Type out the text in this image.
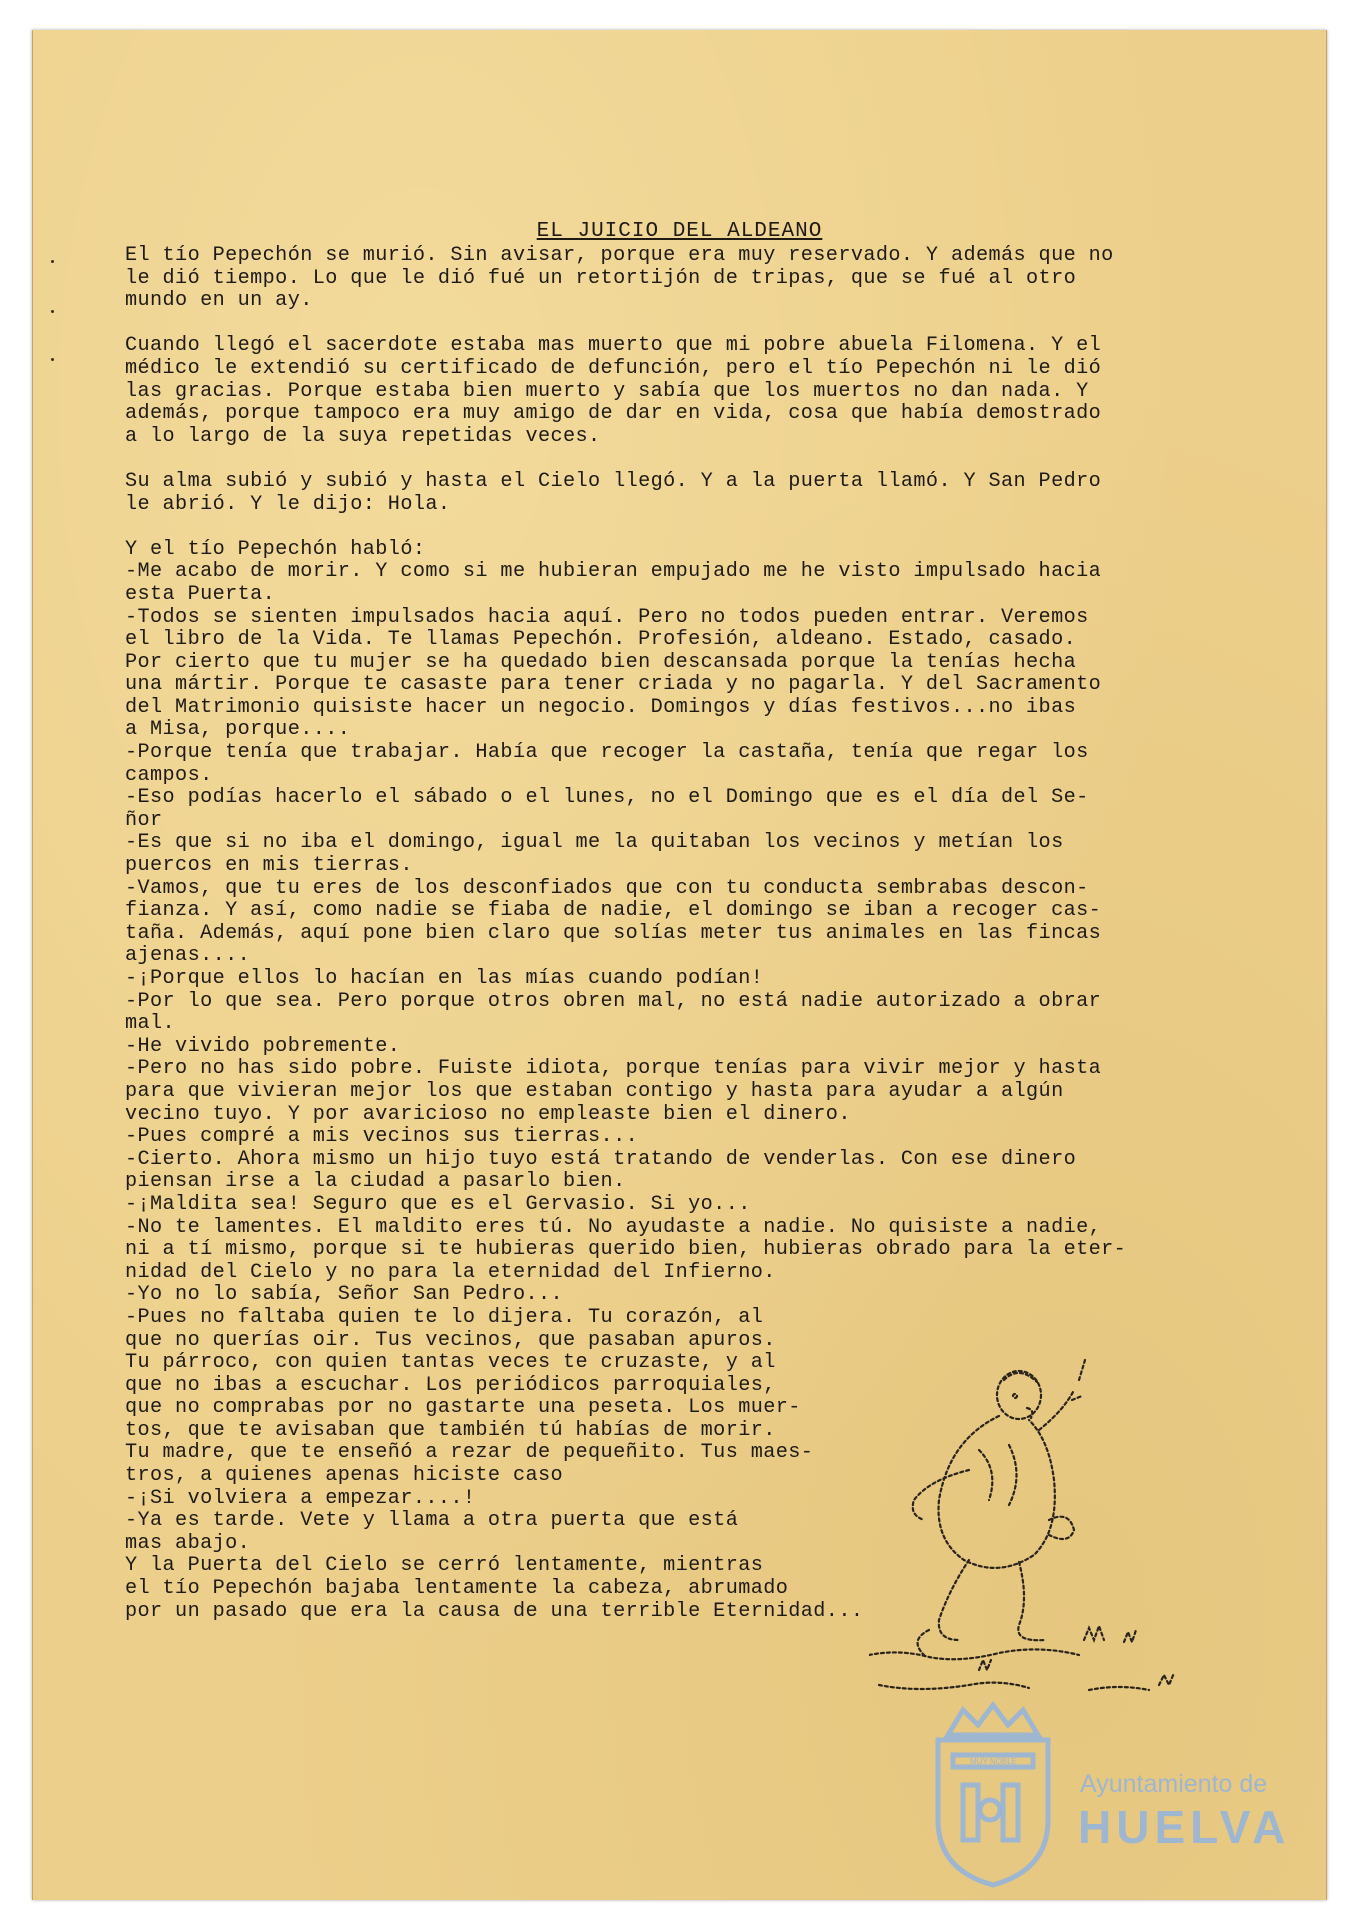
EL JUICIO DEL ALDEANO
El tío Pepechón se murió. Sin avisar, porque era muy reservado. Y además que no
le dió tiempo. Lo que le dió fué un retortijón de tripas, que se fué al otro
mundo en un ay.
Cuando llegó el sacerdote estaba mas muerto que mi pobre abuela Filomena. Y el
médico le extendió su certificado de defunción, pero el tío Pepechón ni le dió
las gracias. Porque estaba bien muerto y sabía que los muertos no dan nada. Y
además, porque tampoco era muy amigo de dar en vida, cosa que había demostrado
a lo largo de la suya repetidas veces.
Su alma subió y subió y hasta el Cielo llegó. Y a la puerta llamó. Y San Pedro
le abrió. Y le dijo: Hola.
Y el tío Pepechón habló:
-Me acabo de morir. Y como si me hubieran empujado me he visto impulsado hacia
esta Puerta.
-Todos se sienten impulsados hacia aquí. Pero no todos pueden entrar. Veremos
el libro de la Vida. Te llamas Pepechón. Profesión, aldeano. Estado, casado.
Por cierto que tu mujer se ha quedado bien descansada porque la tenías hecha
una mártir. Porque te casaste para tener criada y no pagarla. Y del Sacramento
del Matrimonio quisiste hacer un negocio. Domingos y días festivos...no ibas
a Misa, porque....
-Porque tenía que trabajar. Había que recoger la castaña, tenía que regar los
campos.
-Eso podías hacerlo el sábado o el lunes, no el Domingo que es el día del Se-
ñor
-Es que si no iba el domingo, igual me la quitaban los vecinos y metían los
puercos en mis tierras.
-Vamos, que tu eres de los desconfiados que con tu conducta sembrabas descon-
fianza. Y así, como nadie se fiaba de nadie, el domingo se iban a recoger cas-
taña. Además, aquí pone bien claro que solías meter tus animales en las fincas
ajenas....
-¡Porque ellos lo hacían en las mías cuando podían!
-Por lo que sea. Pero porque otros obren mal, no está nadie autorizado a obrar
mal.
-He vivido pobremente.
-Pero no has sido pobre. Fuiste idiota, porque tenías para vivir mejor y hasta
para que vivieran mejor los que estaban contigo y hasta para ayudar a algún
vecino tuyo. Y por avaricioso no empleaste bien el dinero.
-Pues compré a mis vecinos sus tierras...
-Cierto. Ahora mismo un hijo tuyo está tratando de venderlas. Con ese dinero
piensan irse a la ciudad a pasarlo bien.
-¡Maldita sea! Seguro que es el Gervasio. Si yo...
-No te lamentes. El maldito eres tú. No ayudaste a nadie. No quisiste a nadie,
ni a tí mismo, porque si te hubieras querido bien, hubieras obrado para la eter-
nidad del Cielo y no para la eternidad del Infierno.
-Yo no lo sabía, Señor San Pedro...
-Pues no faltaba quien te lo dijera. Tu corazón, al
que no querías oir. Tus vecinos, que pasaban apuros.
Tu párroco, con quien tantas veces te cruzaste, y al
que no ibas a escuchar. Los periódicos parroquiales,
que no comprabas por no gastarte una peseta. Los muer-
tos, que te avisaban que también tú habías de morir.
Tu madre, que te enseñó a rezar de pequeñito. Tus maes-
tros, a quienes apenas hiciste caso
-¡Si volviera a empezar....!
-Ya es tarde. Vete y llama a otra puerta que está
mas abajo.
Y la Puerta del Cielo se cerró lentamente, mientras
el tío Pepechón bajaba lentamente la cabeza, abrumado
por un pasado que era la causa de una terrible Eternidad...
MUY NOBLE
Ayuntamiento de
HUELVA
